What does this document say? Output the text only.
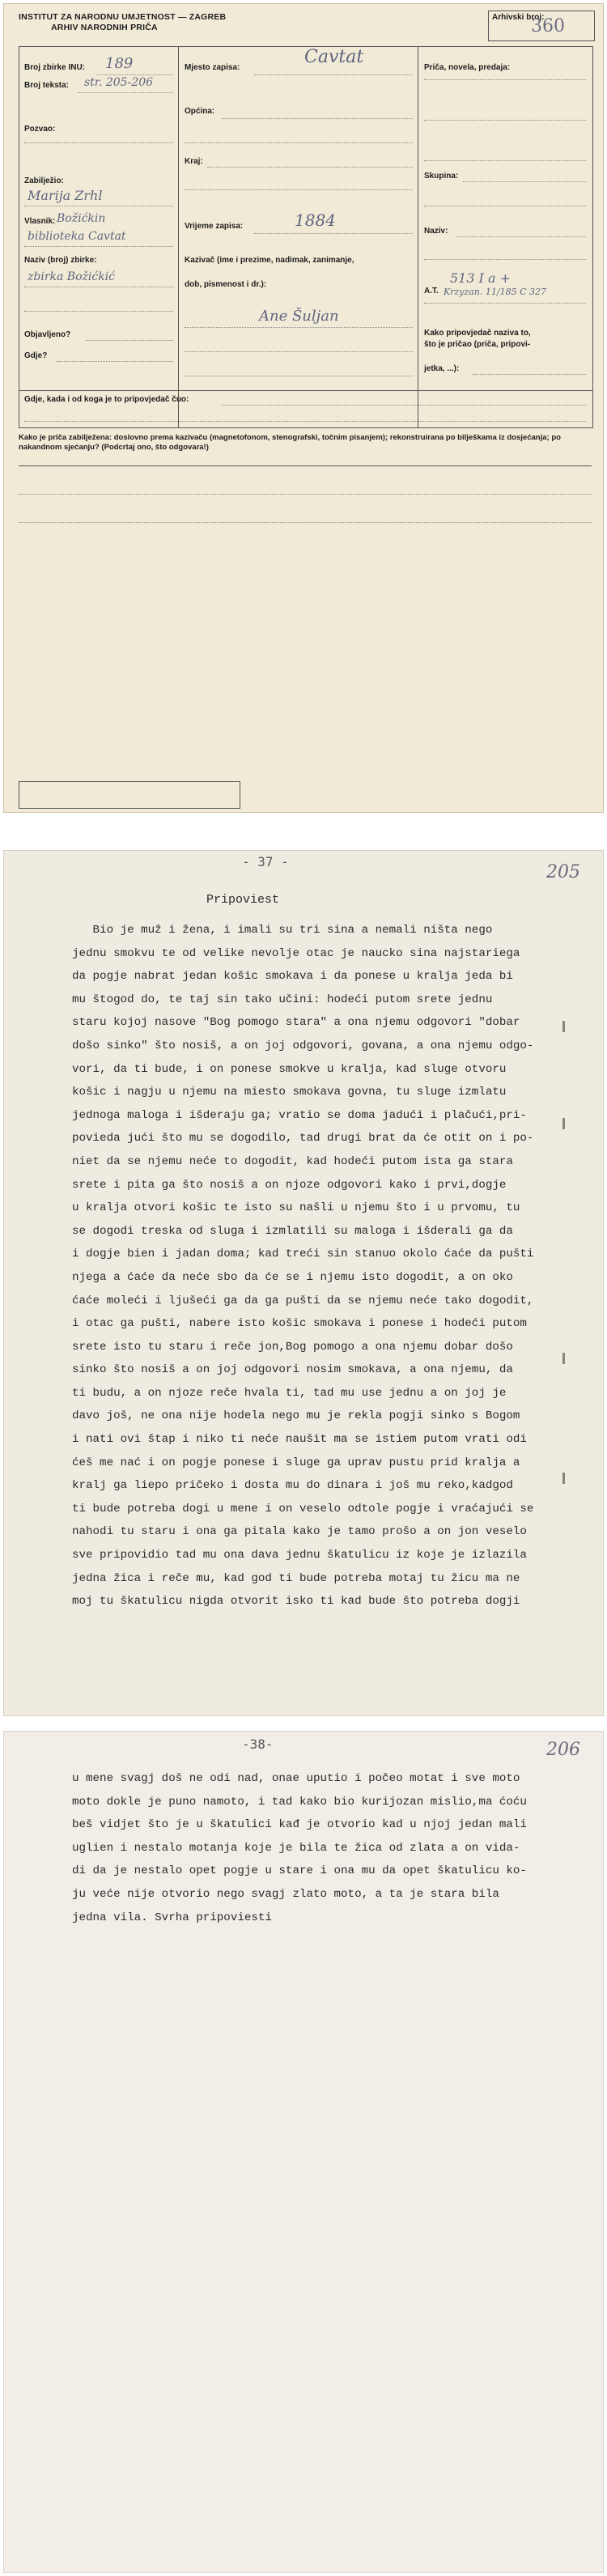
INSTITUT ZA NARODNU UMJETNOST — ZAGREB
ARHIV NARODNIH PRIČA
Arhivski broj:
360
Broj zbirke INU: 189
Broj teksta: str. 205-206
Pozvao:
Zabilježio:
Marija Zrhl
Vlasnik: Božićkin
biblioteka Cavtat
Naziv (broj) zbirke:
zbirka Božićkić
Objavljeno?
Gdje?
Mjesto zapisa:
Cavtat
Općina:
Kraj:
Vrijeme zapisa:	1884
Kazivač (ime i prezime, nadimak, zanimanje,
dob, pismenost i dr.):
Ane Šuljan
Priča, novela, predaja:
Skupina:
Naziv:
A.T.
513 I a +
Krzyzan. 11/185 C 327
Kako pripovjedač naziva to,
što je pričao (priča, pripovi-
jetka, ...):
Gdje, kada i od koga je to pripovjedač čuo:
Kako je priča zabilježena: doslovno prema kazivaču (magnetofonom, stenografski, točnim pisanjem); rekonstruirana po bilješkama iz dosjećanja; po nakandnom sjećanju? (Podcrtaj ono, što odgovara!)
- 37 -
205
Pripoviest
Bio je muž i žena, i imali su tri sina a nemali ništa nego
jednu smokvu te od velike nevolje otac je naucko sina najstariega
da pogje nabrat jedan košic smokava i da ponese u kralja jeda bi
mu štogod do, te taj sin tako učini: hodeći putom srete jednu
staru kojoj nasove "Bog pomogo stara" a ona njemu odgovori "dobar
došo sinko" što nosiš, a on joj odgovori, govana, a ona njemu odgo-
vori, da ti bude, i on ponese smokve u kralja, kad sluge otvoru
košic i nagju u njemu na miesto smokava govna, tu sluge izmlatu
jednoga maloga i išderaju ga; vratio se doma jadući i plačući,pri-
povieda jući što mu se dogodilo, tad drugi brat da će otit on i po-
niet da se njemu neće to dogodit, kad hodeći putom ista ga stara
srete i pita ga što nosiš a on njoze odgovori kako i prvi,dogje
u kralja otvori košic te isto su našli u njemu što i u prvomu, tu
se dogodi treska od sluga i izmlatili su maloga i išderali ga da
i dogje bien i jadan doma; kad treći sin stanuo okolo ćaće da pušti
njega a ćaće da neće sbo da će se i njemu isto dogodit, a on oko
ćaće moleći i ljušeći ga da ga pušti da se njemu neće tako dogodit,
i otac ga pušti, nabere isto košic smokava i ponese i hodeći putom
srete isto tu staru i reče jon,Bog pomogo a ona njemu dobar došo
sinko što nosiš a on joj odgovori nosim smokava, a ona njemu, da
ti budu, a on njoze reče hvala ti, tad mu use jednu a on joj je
davo još, ne ona nije hodela nego mu je rekla pogji sinko s Bogom
i nati ovi štap i niko ti neće naušit ma se istiem putom vrati odi
ćeš me nać i on pogje ponese i sluge ga uprav pustu prid kralja a
kralj ga liepo pričeko i dosta mu do dinara i još mu reko,kadgod
ti bude potreba dogi u mene i on veselo odtole pogje i vraćajući se
nahodi tu staru i ona ga pitala kako je tamo prošo a on jon veselo
sve pripovidio tad mu ona dava jednu škatulicu iz koje je izlazila
jedna žica i reče mu, kad god ti bude potreba motaj tu žicu ma ne
moj tu škatulicu nigda otvorit isko ti kad bude što potreba dogji
-38-	206
u mene svagj doš ne odi nad, onae uputio i počeo motat i sve moto
moto dokle je puno namoto, i tad kako bio kurijozan mislio,ma ćoću
beš vidjet što je u škatulici kađ je otvorio kad u njoj jedan mali
uglien i nestalo motanja koje je bila te žica od zlata a on vida-
di da je nestalo opet pogje u stare i ona mu da opet škatulicu ko-
ju veće nije otvorio nego svagj zlato moto, a ta je stara bila
jedna vila. Svrha pripoviesti
